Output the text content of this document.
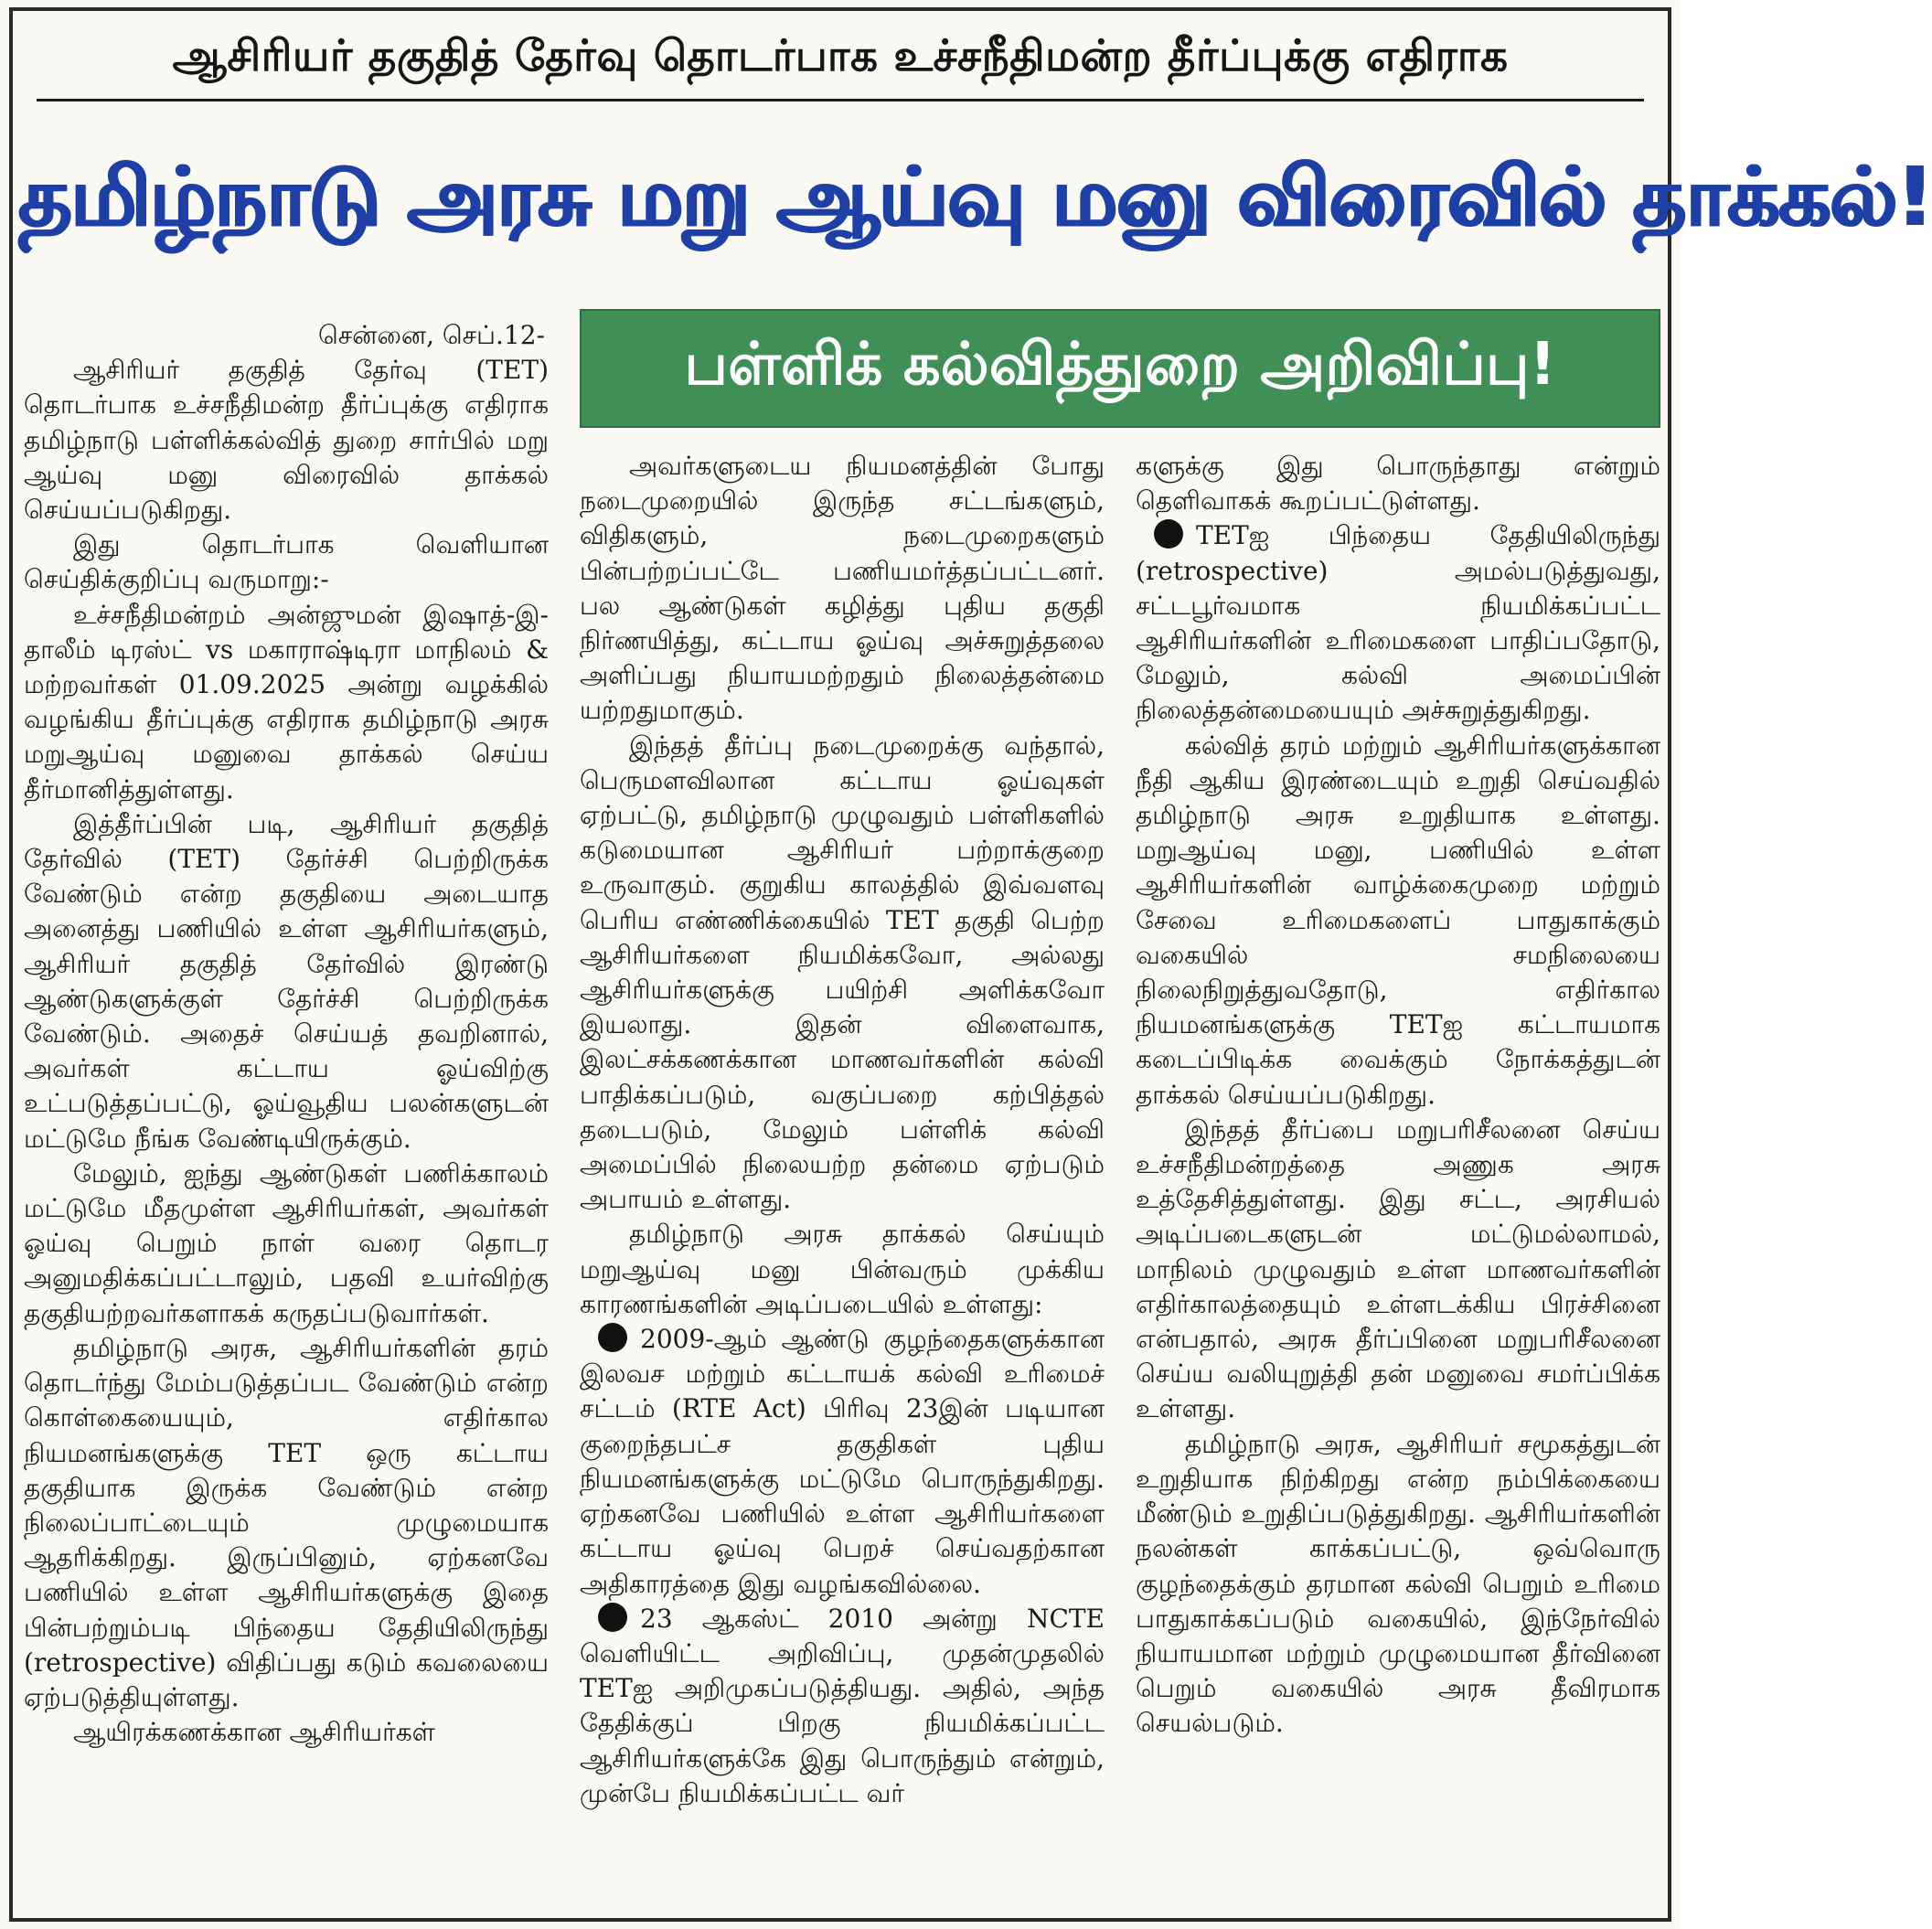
ஆசிரியர் தகுதித் தேர்வு தொடர்பாக உச்சநீதிமன்ற தீர்ப்புக்கு எதிராக
தமிழ்நாடு அரசு மறு ஆய்வு மனு விரைவில் தாக்கல்!
பள்ளிக் கல்வித்துறை அறிவிப்பு!

சென்னை, செப்.12-

ஆசிரியர் தகுதித் தேர்வு (TET) தொடர்பாக உச்சநீதிமன்ற தீர்ப்புக்கு எதிராக தமிழ்நாடு பள்ளிக்கல்வித் துறை சார்பில் மறு ஆய்வு மனு விரைவில் தாக்கல் செய்யப்படுகிறது.

இது தொடர்பாக வெளியான செய்திக்குறிப்பு வருமாறு:-

உச்சநீதிமன்றம் அன்ஜுமன் இஷாத்-இ-தாலீம் டிரஸ்ட் vs மகாராஷ்டிரா மாநிலம் & மற்றவர்கள் 01.09.2025 அன்று வழக்கில் வழங்கிய தீர்ப்புக்கு எதிராக தமிழ்நாடு அரசு மறுஆய்வு மனுவை தாக்கல் செய்ய தீர்மானித்துள்ளது.

இத்தீர்ப்பின் படி, ஆசிரியர் தகுதித் தேர்வில் (TET) தேர்ச்சி பெற்றிருக்க வேண்டும் என்ற தகுதியை அடையாத அனைத்து பணியில் உள்ள ஆசிரியர்களும், ஆசிரியர் தகுதித் தேர்வில் இரண்டு ஆண்டுகளுக்குள் தேர்ச்சி பெற்றிருக்க வேண்டும். அதைச் செய்யத் தவறினால், அவர்கள் கட்டாய ஓய்விற்கு உட்படுத்தப்பட்டு, ஓய்வூதிய பலன்களுடன் மட்டுமே நீங்க வேண்டியிருக்கும்.

மேலும், ஐந்து ஆண்டுகள் பணிக்காலம் மட்டுமே மீதமுள்ள ஆசிரியர்கள், அவர்கள் ஓய்வு பெறும் நாள் வரை தொடர அனுமதிக்கப்பட்டாலும், பதவி உயர்விற்கு தகுதியற்றவர்களாகக் கருதப்படுவார்கள்.

தமிழ்நாடு அரசு, ஆசிரியர்களின் தரம் தொடர்ந்து மேம்படுத்தப்பட வேண்டும் என்ற கொள்கையையும், எதிர்கால நியமனங்களுக்கு TET ஒரு கட்டாய தகுதியாக இருக்க வேண்டும் என்ற நிலைப்பாட்டையும் முழுமையாக ஆதரிக்கிறது. இருப்பினும், ஏற்கனவே பணியில் உள்ள ஆசிரியர்களுக்கு இதை பின்பற்றும்படி பிந்தைய தேதியிலிருந்து (retrospective) விதிப்பது கடும் கவலையை ஏற்படுத்தியுள்ளது.

ஆயிரக்கணக்கான ஆசிரியர்கள்

அவர்களுடைய நியமனத்தின் போது நடைமுறையில் இருந்த சட்டங்களும், விதிகளும், நடைமுறைகளும் பின்பற்றப்பட்டே பணியமர்த்தப்பட்டனர். பல ஆண்டுகள் கழித்து புதிய தகுதி நிர்ணயித்து, கட்டாய ஓய்வு அச்சுறுத்தலை அளிப்பது நியாயமற்றதும் நிலைத்தன்மை யற்றதுமாகும்.

இந்தத் தீர்ப்பு நடைமுறைக்கு வந்தால், பெருமளவிலான கட்டாய ஓய்வுகள் ஏற்பட்டு, தமிழ்நாடு முழுவதும் பள்ளிகளில் கடுமையான ஆசிரியர் பற்றாக்குறை உருவாகும். குறுகிய காலத்தில் இவ்வளவு பெரிய எண்ணிக்கையில் TET தகுதி பெற்ற ஆசிரியர்களை நியமிக்கவோ, அல்லது ஆசிரியர்களுக்கு பயிற்சி அளிக்கவோ இயலாது. இதன் விளைவாக, இலட்சக்கணக்கான மாணவர்களின் கல்வி பாதிக்கப்படும், வகுப்பறை கற்பித்தல் தடைபடும், மேலும் பள்ளிக் கல்வி அமைப்பில் நிலையற்ற தன்மை ஏற்படும் அபாயம் உள்ளது.

தமிழ்நாடு அரசு தாக்கல் செய்யும் மறுஆய்வு மனு பின்வரும் முக்கிய காரணங்களின் அடிப்படையில் உள்ளது:

2009-ஆம் ஆண்டு குழந்தைகளுக்கான இலவச மற்றும் கட்டாயக் கல்வி உரிமைச் சட்டம் (RTE Act) பிரிவு 23இன் படியான குறைந்தபட்ச தகுதிகள் புதிய நியமனங்களுக்கு மட்டுமே பொருந்துகிறது. ஏற்கனவே பணியில் உள்ள ஆசிரியர்களை கட்டாய ஓய்வு பெறச் செய்வதற்கான அதிகாரத்தை இது வழங்கவில்லை.

23 ஆகஸ்ட் 2010 அன்று NCTE வெளியிட்ட அறிவிப்பு, முதன்முதலில் TETஐ அறிமுகப்படுத்தியது. அதில், அந்த தேதிக்குப் பிறகு நியமிக்கப்பட்ட ஆசிரியர்களுக்கே இது பொருந்தும் என்றும், முன்பே நியமிக்கப்பட்ட வர்

களுக்கு இது பொருந்தாது என்றும் தெளிவாகக் கூறப்பட்டுள்ளது.

TETஐ பிந்தைய தேதியிலிருந்து (retrospective) அமல்படுத்துவது, சட்டபூர்வமாக நியமிக்கப்பட்ட ஆசிரியர்களின் உரிமைகளை பாதிப்பதோடு, மேலும், கல்வி அமைப்பின் நிலைத்தன்மையையும் அச்சுறுத்துகிறது.

கல்வித் தரம் மற்றும் ஆசிரியர்களுக்கான நீதி ஆகிய இரண்டையும் உறுதி செய்வதில் தமிழ்நாடு அரசு உறுதியாக உள்ளது. மறுஆய்வு மனு, பணியில் உள்ள ஆசிரியர்களின் வாழ்க்கைமுறை மற்றும் சேவை உரிமைகளைப் பாதுகாக்கும் வகையில் சமநிலையை நிலைநிறுத்துவதோடு, எதிர்கால நியமனங்களுக்கு TETஐ கட்டாயமாக கடைப்பிடிக்க வைக்கும் நோக்கத்துடன் தாக்கல் செய்யப்படுகிறது.

இந்தத் தீர்ப்பை மறுபரிசீலனை செய்ய உச்சநீதிமன்றத்தை அணுக அரசு உத்தேசித்துள்ளது. இது சட்ட, அரசியல் அடிப்படைகளுடன் மட்டுமல்லாமல், மாநிலம் முழுவதும் உள்ள மாணவர்களின் எதிர்காலத்தையும் உள்ளடக்கிய பிரச்சினை என்பதால், அரசு தீர்ப்பினை மறுபரிசீலனை செய்ய வலியுறுத்தி தன் மனுவை சமர்ப்பிக்க உள்ளது.

தமிழ்நாடு அரசு, ஆசிரியர் சமூகத்துடன் உறுதியாக நிற்கிறது என்ற நம்பிக்கையை மீண்டும் உறுதிப்படுத்துகிறது. ஆசிரியர்களின் நலன்கள் காக்கப்பட்டு, ஒவ்வொரு குழந்தைக்கும் தரமான கல்வி பெறும் உரிமை பாதுகாக்கப்படும் வகையில், இந்நேர்வில் நியாயமான மற்றும் முழுமையான தீர்வினை பெறும் வகையில் அரசு தீவிரமாக செயல்படும்.
